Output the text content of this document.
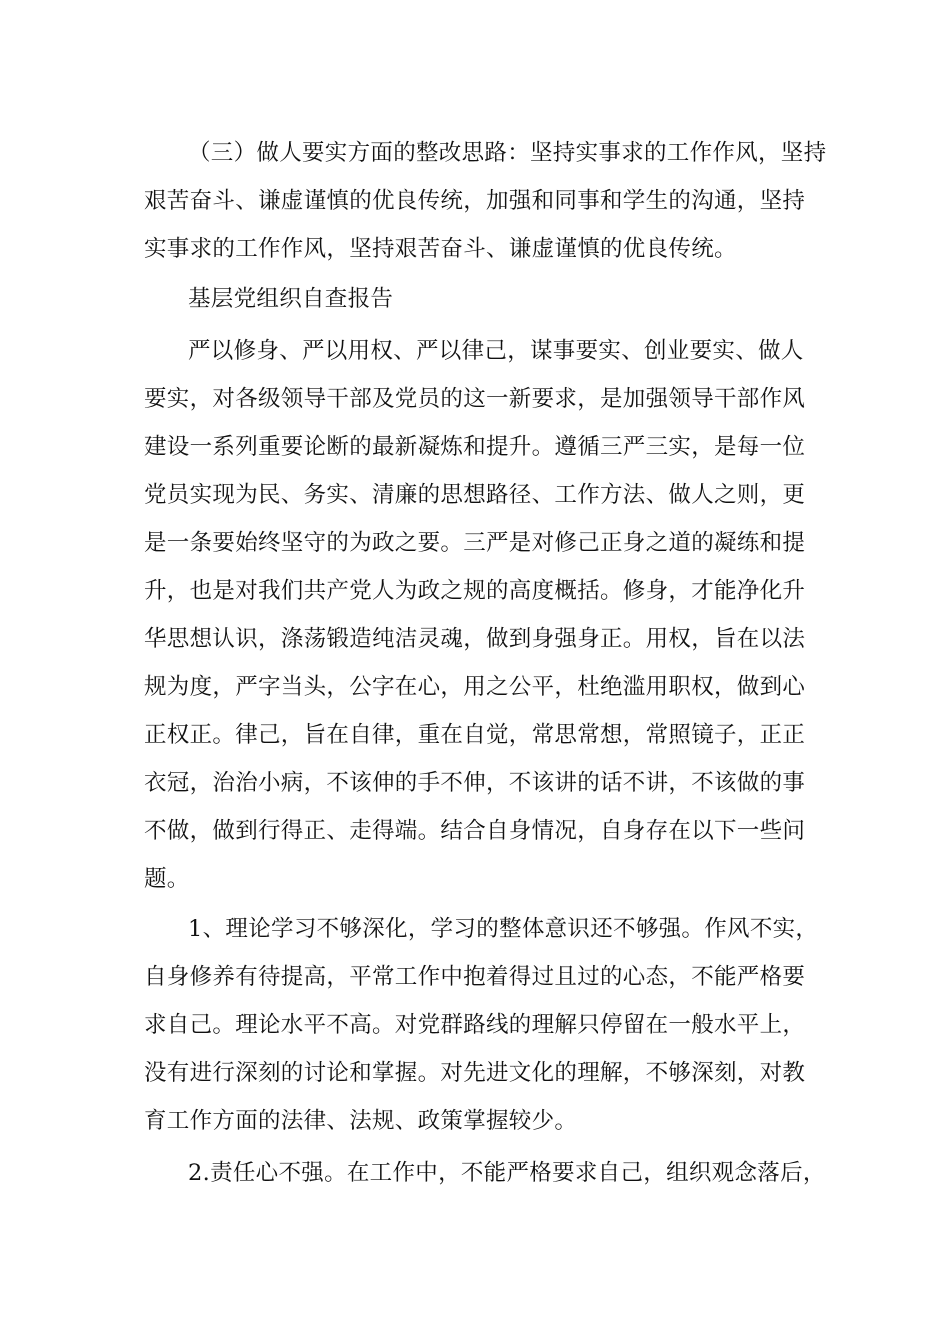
（三）做人要实方面的整改思路：坚持实事求的工作作风，坚持
艰苦奋斗、谦虚谨慎的优良传统，加强和同事和学生的沟通，坚持
实事求的工作作风，坚持艰苦奋斗、谦虚谨慎的优良传统。
基层党组织自查报告
严以修身、严以用权、严以律己，谋事要实、创业要实、做人
要实，对各级领导干部及党员的这一新要求，是加强领导干部作风
建设一系列重要论断的最新凝炼和提升。遵循三严三实，是每一位
党员实现为民、务实、清廉的思想路径、工作方法、做人之则，更
是一条要始终坚守的为政之要。三严是对修己正身之道的凝练和提
升，也是对我们共产党人为政之规的高度概括。修身，才能净化升
华思想认识，涤荡锻造纯洁灵魂，做到身强身正。用权，旨在以法
规为度，严字当头，公字在心，用之公平，杜绝滥用职权，做到心
正权正。律己，旨在自律，重在自觉，常思常想，常照镜子，正正
衣冠，治治小病，不该伸的手不伸，不该讲的话不讲，不该做的事
不做，做到行得正、走得端。结合自身情况，自身存在以下一些问
题。
1、理论学习不够深化，学习的整体意识还不够强。作风不实，
自身修养有待提高，平常工作中抱着得过且过的心态，不能严格要
求自己。理论水平不高。对党群路线的理解只停留在一般水平上，
没有进行深刻的讨论和掌握。对先进文化的理解，不够深刻，对教
育工作方面的法律、法规、政策掌握较少。
2.责任心不强。在工作中，不能严格要求自己，组织观念落后，
